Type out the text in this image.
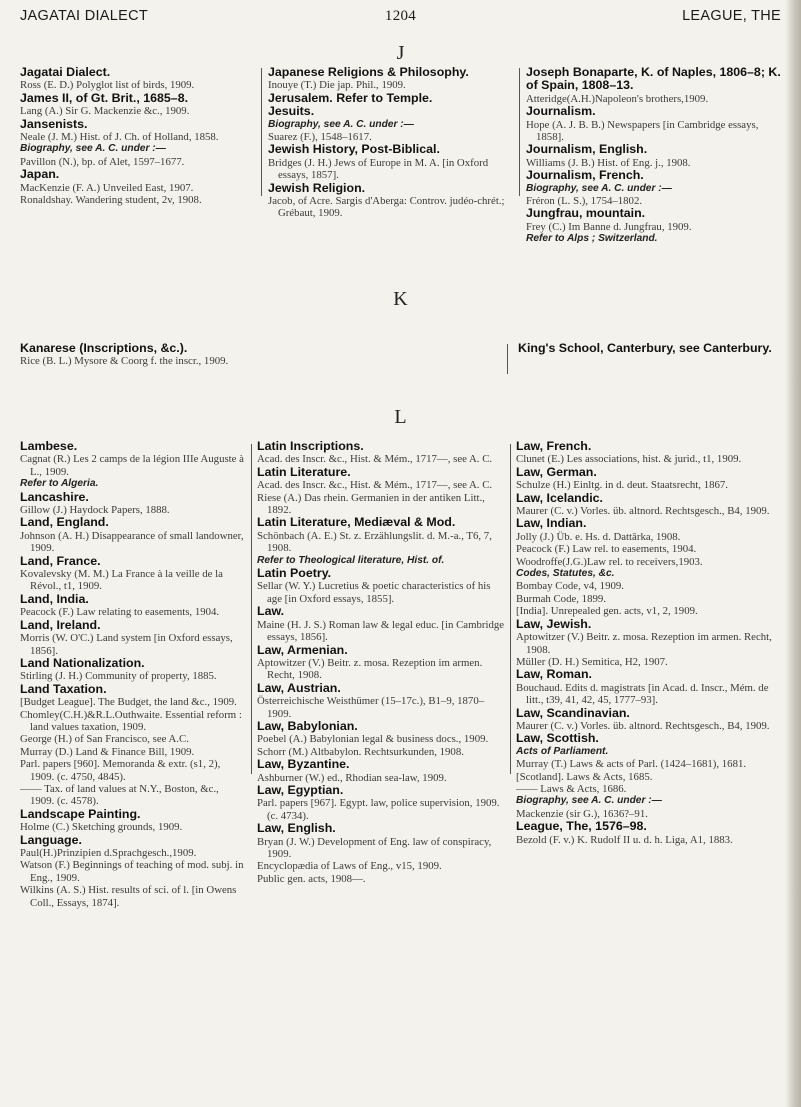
JAGATAI DIALECT	1204	LEAGUE, THE
J
Jagatai Dialect.
Ross (E. D.) Polyglot list of birds, 1909.
James II, of Gt. Brit., 1685–8.
Lang (A.) Sir G. Mackenzie &c., 1909.
Jansenists.
Neale (J. M.) Hist. of J. Ch. of Holland, 1858.
Biography, see A. C. under :—
Pavillon (N.), bp. of Alet, 1597–1677.
Japan.
MacKenzie (F. A.) Unveiled East, 1907.
Ronaldshay. Wandering student, 2v, 1908.
Japanese Religions & Philosophy.
Inouye (T.) Die jap. Phil., 1909.
Jerusalem. Refer to Temple.
Jesuits.
Biography, see A. C. under :—
Suarez (F.), 1548–1617.
Jewish History, Post-Biblical.
Bridges (J. H.) Jews of Europe in M. A. [in Oxford essays, 1857].
Jewish Religion.
Jacob, of Acre. Sargis d'Aberga: Controv. judéo-chrét.; Grébaut, 1909.
Joseph Bonaparte, K. of Naples, 1806–8; K. of Spain, 1808–13.
Atteridge(A.H.)Napoleon's brothers,1909.
Journalism.
Hope (A. J. B. B.) Newspapers [in Cambridge essays, 1858].
Journalism, English.
Williams (J. B.) Hist. of Eng. j., 1908.
Journalism, French.
Biography, see A. C. under :—
Fréron (L. S.), 1754–1802.
Jungfrau, mountain.
Frey (C.) Im Banne d. Jungfrau, 1909.
Refer to Alps ; Switzerland.
K
Kanarese (Inscriptions, &c.).
Rice (B. L.) Mysore & Coorg f. the inscr., 1909.
King's School, Canterbury, see Canterbury.
L
Lambese.
Cagnat (R.) Les 2 camps de la légion IIIe Auguste à L., 1909.
Refer to Algeria.
Lancashire.
Gillow (J.) Haydock Papers, 1888.
Land, England.
Johnson (A. H.) Disappearance of small landowner, 1909.
Land, France.
Kovalevsky (M. M.) La France à la veille de la Révol., t1, 1909.
Land, India.
Peacock (F.) Law relating to easements, 1904.
Land, Ireland.
Morris (W. O'C.) Land system [in Oxford essays, 1856].
Land Nationalization.
Stirling (J. H.) Community of property, 1885.
Land Taxation.
[Budget League]. The Budget, the land &c., 1909.
Chomley(C.H.)&R.L.Outhwaite. Essential reform : land values taxation, 1909.
George (H.) of San Francisco, see A.C.
Murray (D.) Land & Finance Bill, 1909.
Parl. papers [960]. Memoranda & extr. (s1, 2), 1909. (c. 4750, 4845).
—— Tax. of land values at N.Y., Boston, &c., 1909. (c. 4578).
Landscape Painting.
Holme (C.) Sketching grounds, 1909.
Language.
Paul(H.)Prinzipien d.Sprachgesch.,1909.
Watson (F.) Beginnings of teaching of mod. subj. in Eng., 1909.
Wilkins (A. S.) Hist. results of sci. of l. [in Owens Coll., Essays, 1874].
Latin Inscriptions.
Acad. des Inscr. &c., Hist. & Mém., 1717—, see A. C.
Latin Literature.
Acad. des Inscr. &c., Hist. & Mém., 1717—, see A. C.
Riese (A.) Das rhein. Germanien in der antiken Litt., 1892.
Latin Literature, Mediæval & Mod.
Schönbach (A. E.) St. z. Erzählungslit. d. M.-a., T6, 7, 1908.
Refer to Theological literature, Hist. of.
Latin Poetry.
Sellar (W. Y.) Lucretius & poetic characteristics of his age [in Oxford essays, 1855].
Law.
Maine (H. J. S.) Roman law & legal educ. [in Cambridge essays, 1856].
Law, Armenian.
Aptowitzer (V.) Beitr. z. mosa. Rezeption im armen. Recht, 1908.
Law, Austrian.
Österreichische Weisthümer (15–17c.), B1–9, 1870–1909.
Law, Babylonian.
Poebel (A.) Babylonian legal & business docs., 1909.
Schorr (M.) Altbabylon. Rechtsurkunden, 1908.
Law, Byzantine.
Ashburner (W.) ed., Rhodian sea-law, 1909.
Law, Egyptian.
Parl. papers [967]. Egypt. law, police supervision, 1909. (c. 4734).
Law, English.
Bryan (J. W.) Development of Eng. law of conspiracy, 1909.
Encyclopædia of Laws of Eng., v15, 1909.
Public gen. acts, 1908—.
Law, French.
Clunet (E.) Les associations, hist. & jurid., t1, 1909.
Law, German.
Schulze (H.) Einltg. in d. deut. Staatsrecht, 1867.
Law, Icelandic.
Maurer (C. v.) Vorles. üb. altnord. Rechtsgesch., B4, 1909.
Law, Indian.
Jolly (J.) Üb. e. Hs. d. Dattārka, 1908.
Peacock (F.) Law rel. to easements, 1904.
Woodroffe(J.G.)Law rel. to receivers,1903.
Codes, Statutes, &c.
Bombay Code, v4, 1909.
Burmah Code, 1899.
[India]. Unrepealed gen. acts, v1, 2, 1909.
Law, Jewish.
Aptowitzer (V.) Beitr. z. mosa. Rezeption im armen. Recht, 1908.
Müller (D. H.) Semitica, H2, 1907.
Law, Roman.
Bouchaud. Edits d. magistrats [in Acad. d. Inscr., Mém. de litt., t39, 41, 42, 45, 1777–93].
Law, Scandinavian.
Maurer (C. v.) Vorles. üb. altnord. Rechtsgesch., B4, 1909.
Law, Scottish.
Acts of Parliament.
Murray (T.) Laws & acts of Parl. (1424–1681), 1681.
[Scotland]. Laws & Acts, 1685.
—— Laws & Acts, 1686.
Biography, see A. C. under :—
Mackenzie (sir G.), 1636?–91.
League, The, 1576–98.
Bezold (F. v.) K. Rudolf II u. d. h. Liga, A1, 1883.
